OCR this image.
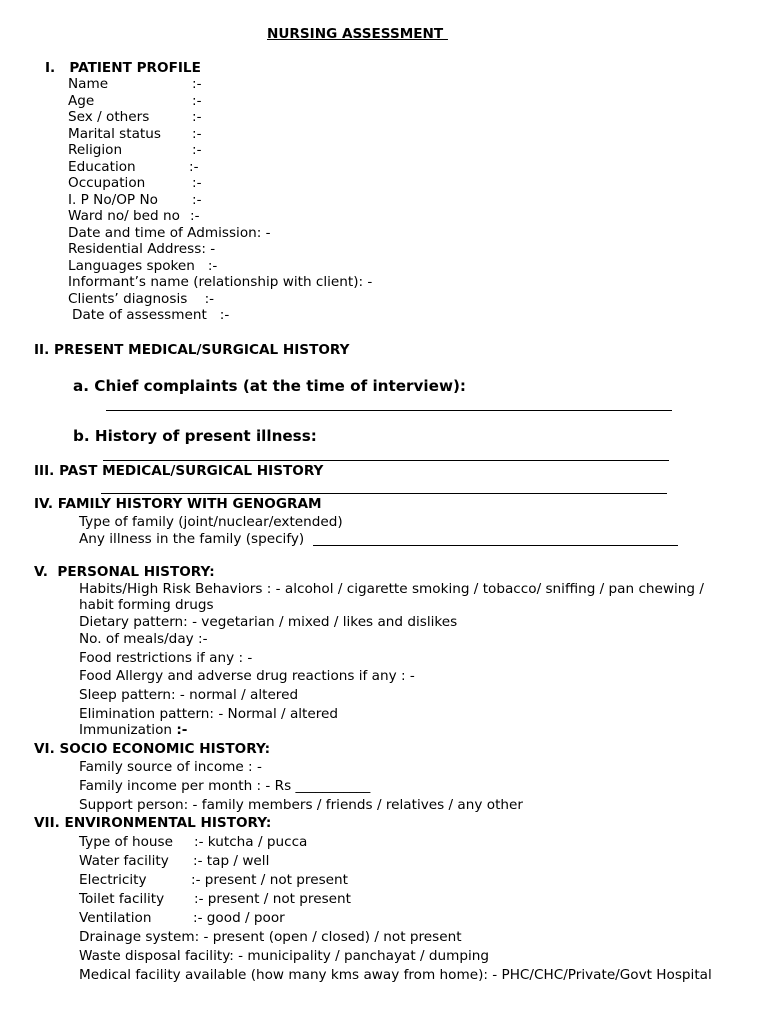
NURSING ASSESSMENT
I.   PATIENT PROFILE
Name	:-
Age	:-
Sex / others	:-
Marital status :-
Religion	:-
Education	:-
Occupation	:-
I. P No/OP No	:-
Ward no/ bed no :-
Date and time of Admission: -
Residential Address: -
Languages spoken   :-
Informant’s name (relationship with client): -
Clients’ diagnosis    :-
Date of assessment   :-
II. PRESENT MEDICAL/SURGICAL HISTORY
a. Chief complaints (at the time of interview):
b. History of present illness:
III. PAST MEDICAL/SURGICAL HISTORY
IV. FAMILY HISTORY WITH GENOGRAM
Type of family (joint/nuclear/extended)
Any illness in the family (specify)
V.  PERSONAL HISTORY:
Habits/High Risk Behaviors : - alcohol / cigarette smoking / tobacco/ sniffing / pan chewing /
habit forming drugs
Dietary pattern: - vegetarian / mixed / likes and dislikes
No. of meals/day :-
Food restrictions if any : -
Food Allergy and adverse drug reactions if any : -
Sleep pattern: - normal / altered
Elimination pattern: - Normal / altered
Immunization :-
VI. SOCIO ECONOMIC HISTORY:
Family source of income : -
Family income per month : - Rs ___________
Support person: - family members / friends / relatives / any other
VII. ENVIRONMENTAL HISTORY:
Type of house :- kutcha / pucca
Water facility :- tap / well
Electricity	:- present / not present
Toilet facility :- present / not present
Ventilation	:- good / poor
Drainage system: - present (open / closed) / not present
Waste disposal facility: - municipality / panchayat / dumping
Medical facility available (how many kms away from home): - PHC/CHC/Private/Govt Hospital
